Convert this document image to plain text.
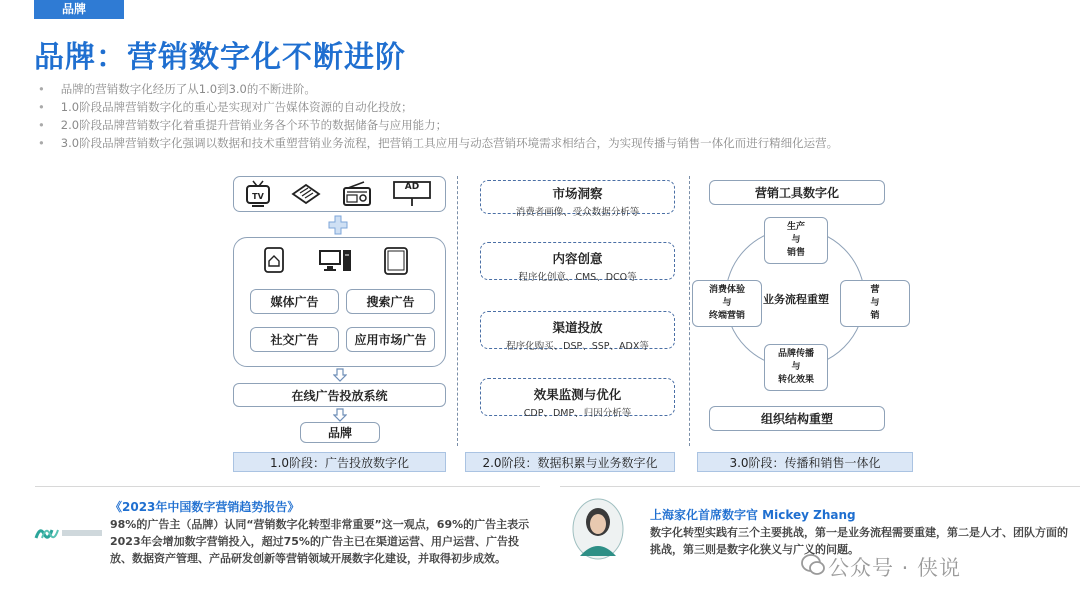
品牌
品牌：营销数字化不断进阶
• 品牌的营销数字化经历了从1.0到3.0的不断进阶。
• 1.0阶段品牌营销数字化的重心是实现对广告媒体资源的自动化投放；
• 2.0阶段品牌营销数字化着重提升营销业务各个环节的数据储备与应用能力；
• 3.0阶段品牌营销数字化强调以数据和技术重塑营销业务流程，把营销工具应用与动态营销环境需求相结合，为实现传播与销售一体化而进行精细化运营。
TV
AD
媒体广告	搜索广告
社交广告	应用市场广告
在线广告投放系统
品牌
1.0阶段：广告投放数字化
市场洞察
消费者画像、受众数据分析等
内容创意
程序化创意、CMS、DCO等
渠道投放
程序化购买、DSP、SSP、ADX等
效果监测与优化
CDP、DMP、归因分析等
2.0阶段：数据积累与业务数字化
营销工具数字化
业务流程重塑
生产
与
销售
消费体验
与
终端营销
营
与
销
品牌传播
与
转化效果
组织结构重塑
3.0阶段：传播和销售一体化
《2023年中国数字营销趋势报告》
98%的广告主（品牌）认同“营销数字化转型非常重要”这一观点，69%的广告主表示2023年会增加数字营销投入，超过75%的广告主已在渠道运营、用户运营、广告投放、数据资产管理、产品研发创新等营销领域开展数字化建设，并取得初步成效。
上海家化首席数字官 Mickey Zhang
数字化转型实践有三个主要挑战，第一是业务流程需要重建，第二是人才、团队方面的挑战，第三则是数字化狭义与广义的问题。
公众号 · 侠说
